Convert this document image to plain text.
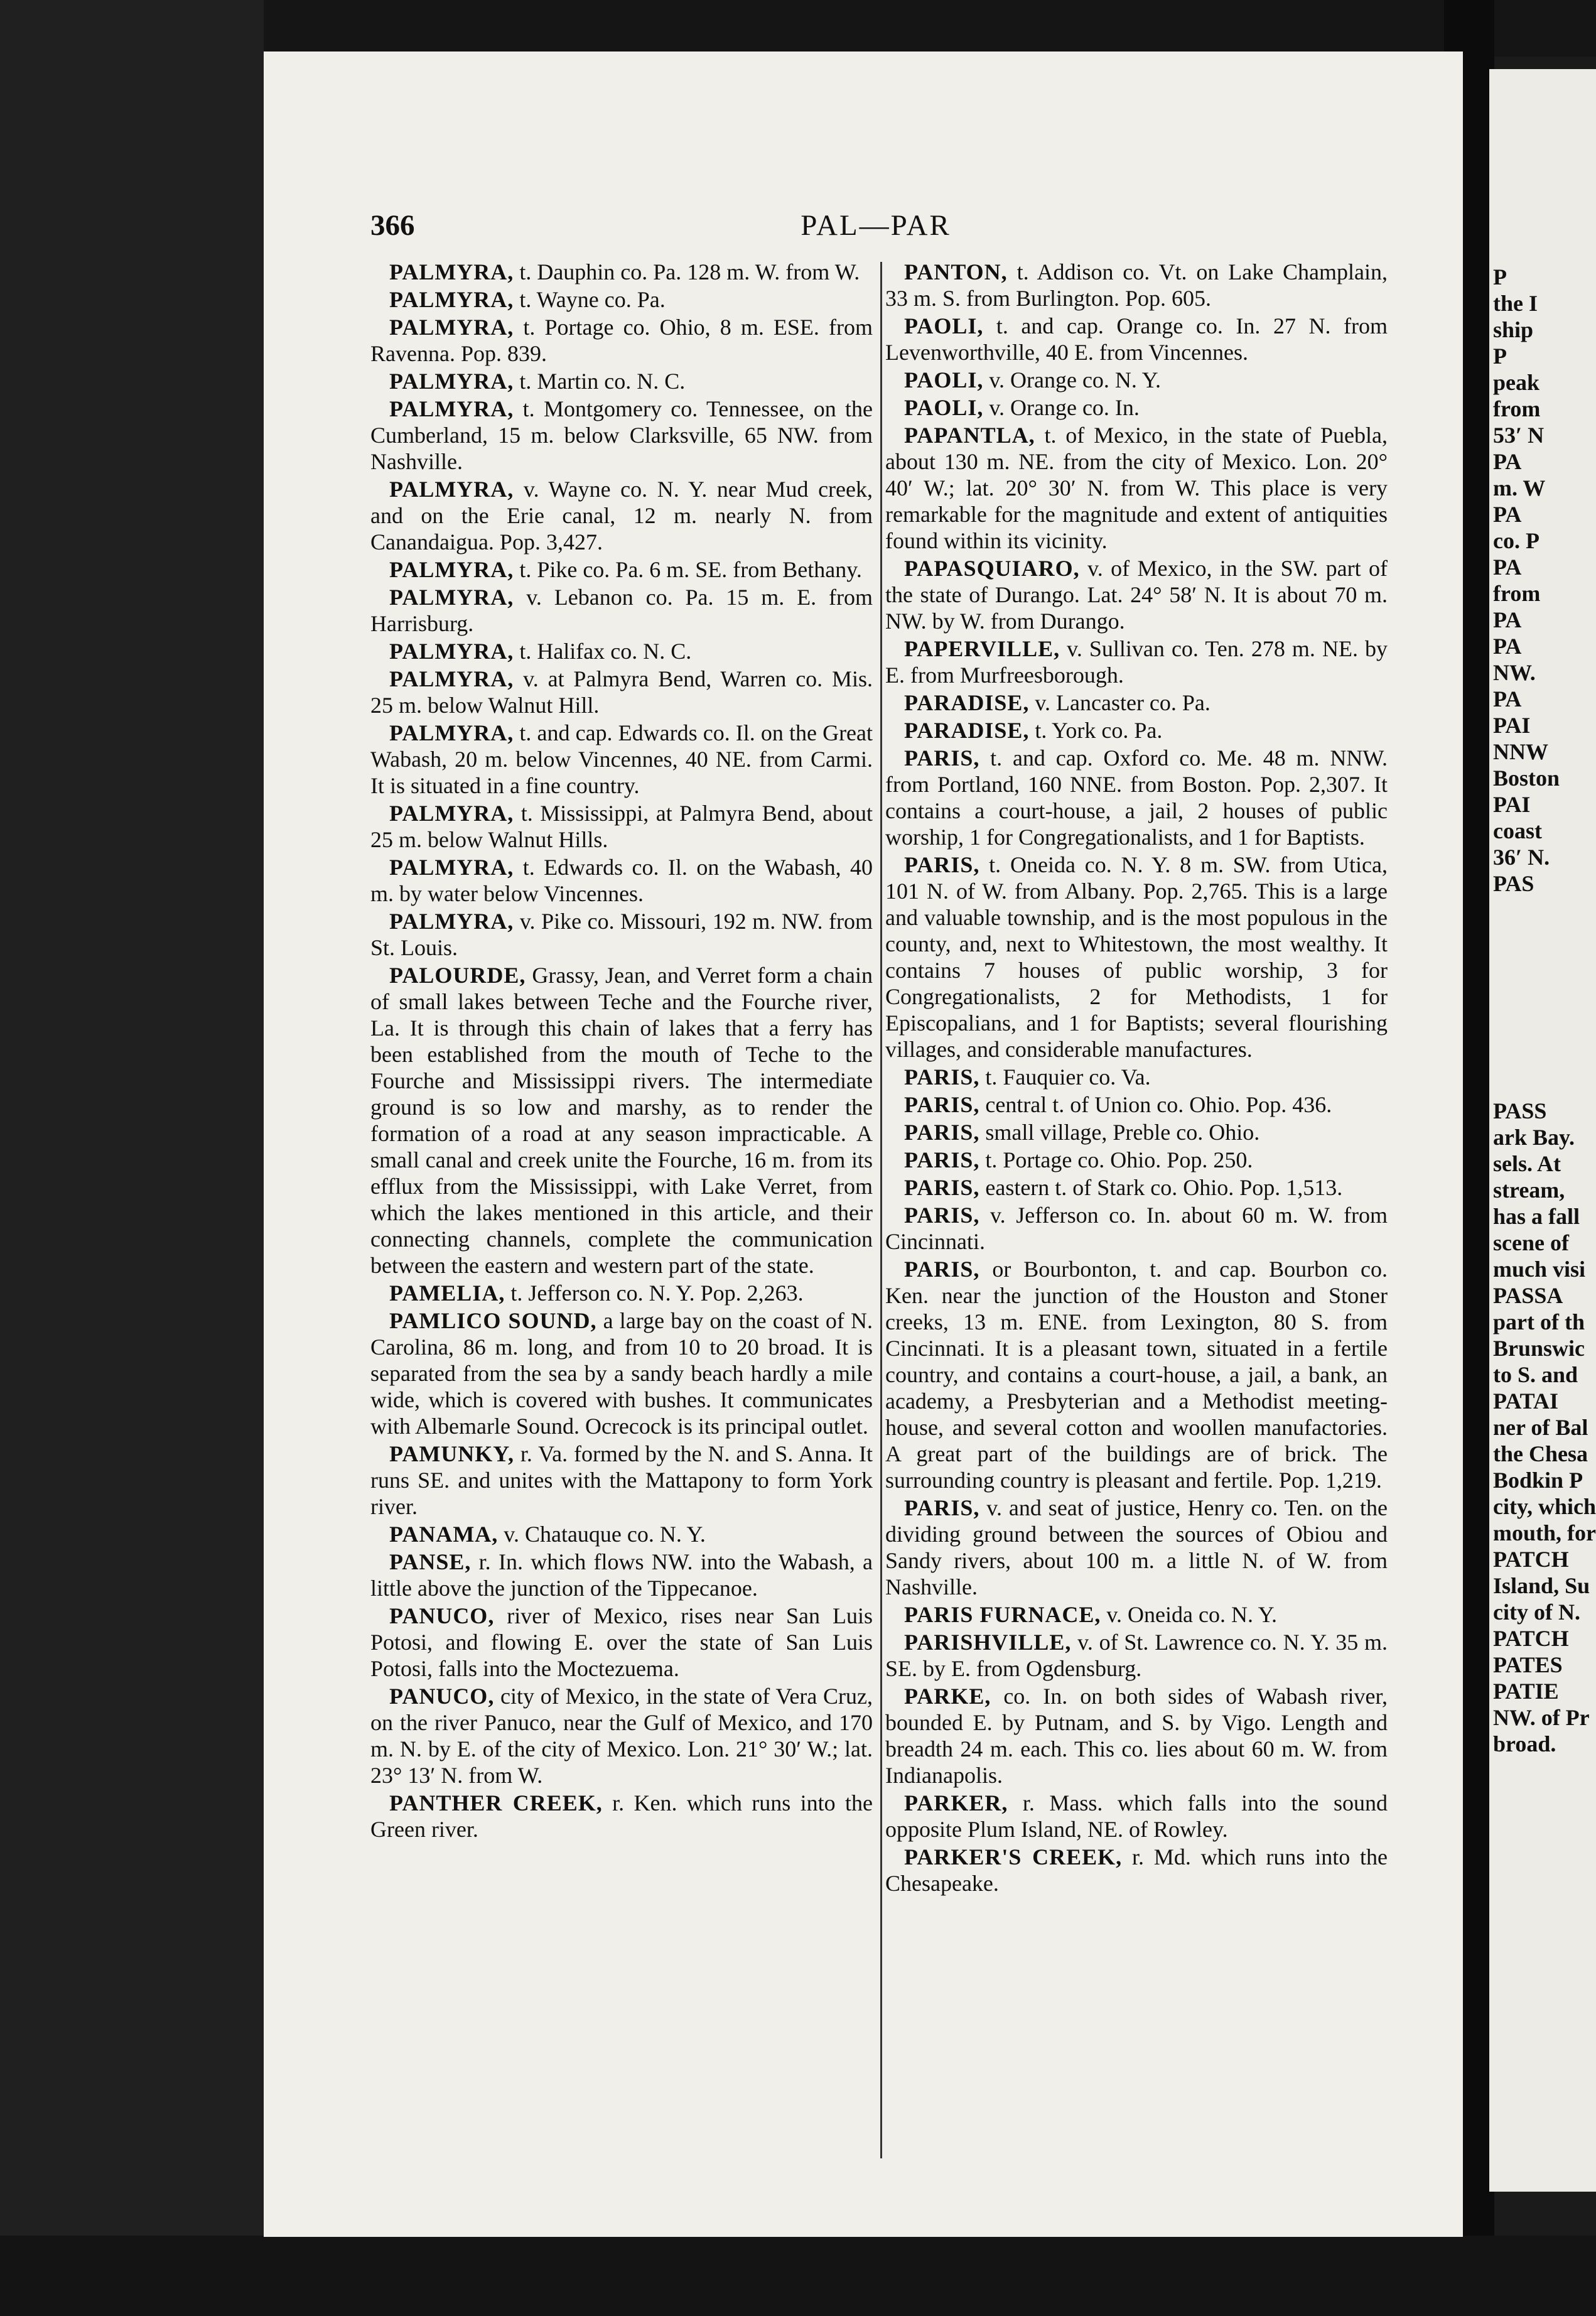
366	PAL—PAR

PALMYRA, t. Dauphin co. Pa. 128 m. W. from W.

PALMYRA, t. Wayne co. Pa.

PALMYRA, t. Portage co. Ohio, 8 m. ESE. from Ravenna. Pop. 839.

PALMYRA, t. Martin co. N. C.

PALMYRA, t. Montgomery co. Tennessee, on the Cumberland, 15 m. below Clarksville, 65 NW. from Nashville.

PALMYRA, v. Wayne co. N. Y. near Mud creek, and on the Erie canal, 12 m. nearly N. from Canandaigua. Pop. 3,427.

PALMYRA, t. Pike co. Pa. 6 m. SE. from Bethany.

PALMYRA, v. Lebanon co. Pa. 15 m. E. from Harrisburg.

PALMYRA, t. Halifax co. N. C.

PALMYRA, v. at Palmyra Bend, Warren co. Mis. 25 m. below Walnut Hill.

PALMYRA, t. and cap. Edwards co. Il. on the Great Wabash, 20 m. below Vincennes, 40 NE. from Carmi. It is situated in a fine country.

PALMYRA, t. Mississippi, at Palmyra Bend, about 25 m. below Walnut Hills.

PALMYRA, t. Edwards co. Il. on the Wabash, 40 m. by water below Vincennes.

PALMYRA, v. Pike co. Missouri, 192 m. NW. from St. Louis.

PALOURDE, Grassy, Jean, and Verret form a chain of small lakes between Teche and the Fourche river, La. It is through this chain of lakes that a ferry has been established from the mouth of Teche to the Fourche and Mississippi rivers. The intermediate ground is so low and marshy, as to render the formation of a road at any season impracticable. A small canal and creek unite the Fourche, 16 m. from its efflux from the Mississippi, with Lake Verret, from which the lakes mentioned in this article, and their connecting channels, complete the communication between the eastern and western part of the state.

PAMELIA, t. Jefferson co. N. Y. Pop. 2,263.

PAMLICO SOUND, a large bay on the coast of N. Carolina, 86 m. long, and from 10 to 20 broad. It is separated from the sea by a sandy beach hardly a mile wide, which is covered with bushes. It communicates with Albemarle Sound. Ocrecock is its principal outlet.

PAMUNKY, r. Va. formed by the N. and S. Anna. It runs SE. and unites with the Mattapony to form York river.

PANAMA, v. Chatauque co. N. Y.

PANSE, r. In. which flows NW. into the Wabash, a little above the junction of the Tippecanoe.

PANUCO, river of Mexico, rises near San Luis Potosi, and flowing E. over the state of San Luis Potosi, falls into the Moctezuema.

PANUCO, city of Mexico, in the state of Vera Cruz, on the river Panuco, near the Gulf of Mexico, and 170 m. N. by E. of the city of Mexico. Lon. 21° 30′ W.; lat. 23° 13′ N. from W.

PANTHER CREEK, r. Ken. which runs into the Green river.

PANTON, t. Addison co. Vt. on Lake Champlain, 33 m. S. from Burlington. Pop. 605.

PAOLI, t. and cap. Orange co. In. 27 N. from Levenworthville, 40 E. from Vincennes.

PAOLI, v. Orange co. N. Y.

PAOLI, v. Orange co. In.

PAPANTLA, t. of Mexico, in the state of Puebla, about 130 m. NE. from the city of Mexico. Lon. 20° 40′ W.; lat. 20° 30′ N. from W. This place is very remarkable for the magnitude and extent of antiquities found within its vicinity.

PAPASQUIARO, v. of Mexico, in the SW. part of the state of Durango. Lat. 24° 58′ N. It is about 70 m. NW. by W. from Durango.

PAPERVILLE, v. Sullivan co. Ten. 278 m. NE. by E. from Murfreesborough.

PARADISE, v. Lancaster co. Pa.

PARADISE, t. York co. Pa.

PARIS, t. and cap. Oxford co. Me. 48 m. NNW. from Portland, 160 NNE. from Boston. Pop. 2,307. It contains a court-house, a jail, 2 houses of public worship, 1 for Congregationalists, and 1 for Baptists.

PARIS, t. Oneida co. N. Y. 8 m. SW. from Utica, 101 N. of W. from Albany. Pop. 2,765. This is a large and valuable township, and is the most populous in the county, and, next to Whitestown, the most wealthy. It contains 7 houses of public worship, 3 for Congregationalists, 2 for Methodists, 1 for Episcopalians, and 1 for Baptists; several flourishing villages, and considerable manufactures.

PARIS, t. Fauquier co. Va.

PARIS, central t. of Union co. Ohio. Pop. 436.

PARIS, small village, Preble co. Ohio.

PARIS, t. Portage co. Ohio. Pop. 250.

PARIS, eastern t. of Stark co. Ohio. Pop. 1,513.

PARIS, v. Jefferson co. In. about 60 m. W. from Cincinnati.

PARIS, or Bourbonton, t. and cap. Bourbon co. Ken. near the junction of the Houston and Stoner creeks, 13 m. ENE. from Lexington, 80 S. from Cincinnati. It is a pleasant town, situated in a fertile country, and contains a court-house, a jail, a bank, an academy, a Presbyterian and a Methodist meeting-house, and several cotton and woollen manufactories. A great part of the buildings are of brick. The surrounding country is pleasant and fertile. Pop. 1,219.

PARIS, v. and seat of justice, Henry co. Ten. on the dividing ground between the sources of Obiou and Sandy rivers, about 100 m. a little N. of W. from Nashville.

PARIS FURNACE, v. Oneida co. N. Y.

PARISHVILLE, v. of St. Lawrence co. N. Y. 35 m. SE. by E. from Ogdensburg.

PARKE, co. In. on both sides of Wabash river, bounded E. by Putnam, and S. by Vigo. Length and breadth 24 m. each. This co. lies about 60 m. W. from Indianapolis.

PARKER, r. Mass. which falls into the sound opposite Plum Island, NE. of Rowley.

PARKER'S CREEK, r. Md. which runs into the Chesapeake.

P
the I
ship
P
peak
from
53′ N
PA
m. W
PA
co. P
PA
from
PA
PA
NW.
PA
PAI
NNW
Boston
PAI
coast
36′ N.
PAS
PASS
ark Bay.
sels. At
stream,
has a fall
scene of
much visi
PASSA
part of th
Brunswic
to S. and
PATAI
ner of Bal
the Chesa
Bodkin P
city, which
mouth, for
PATCH
Island, Su
city of N.
PATCH
PATES
PATIE
NW. of Pr
broad.
